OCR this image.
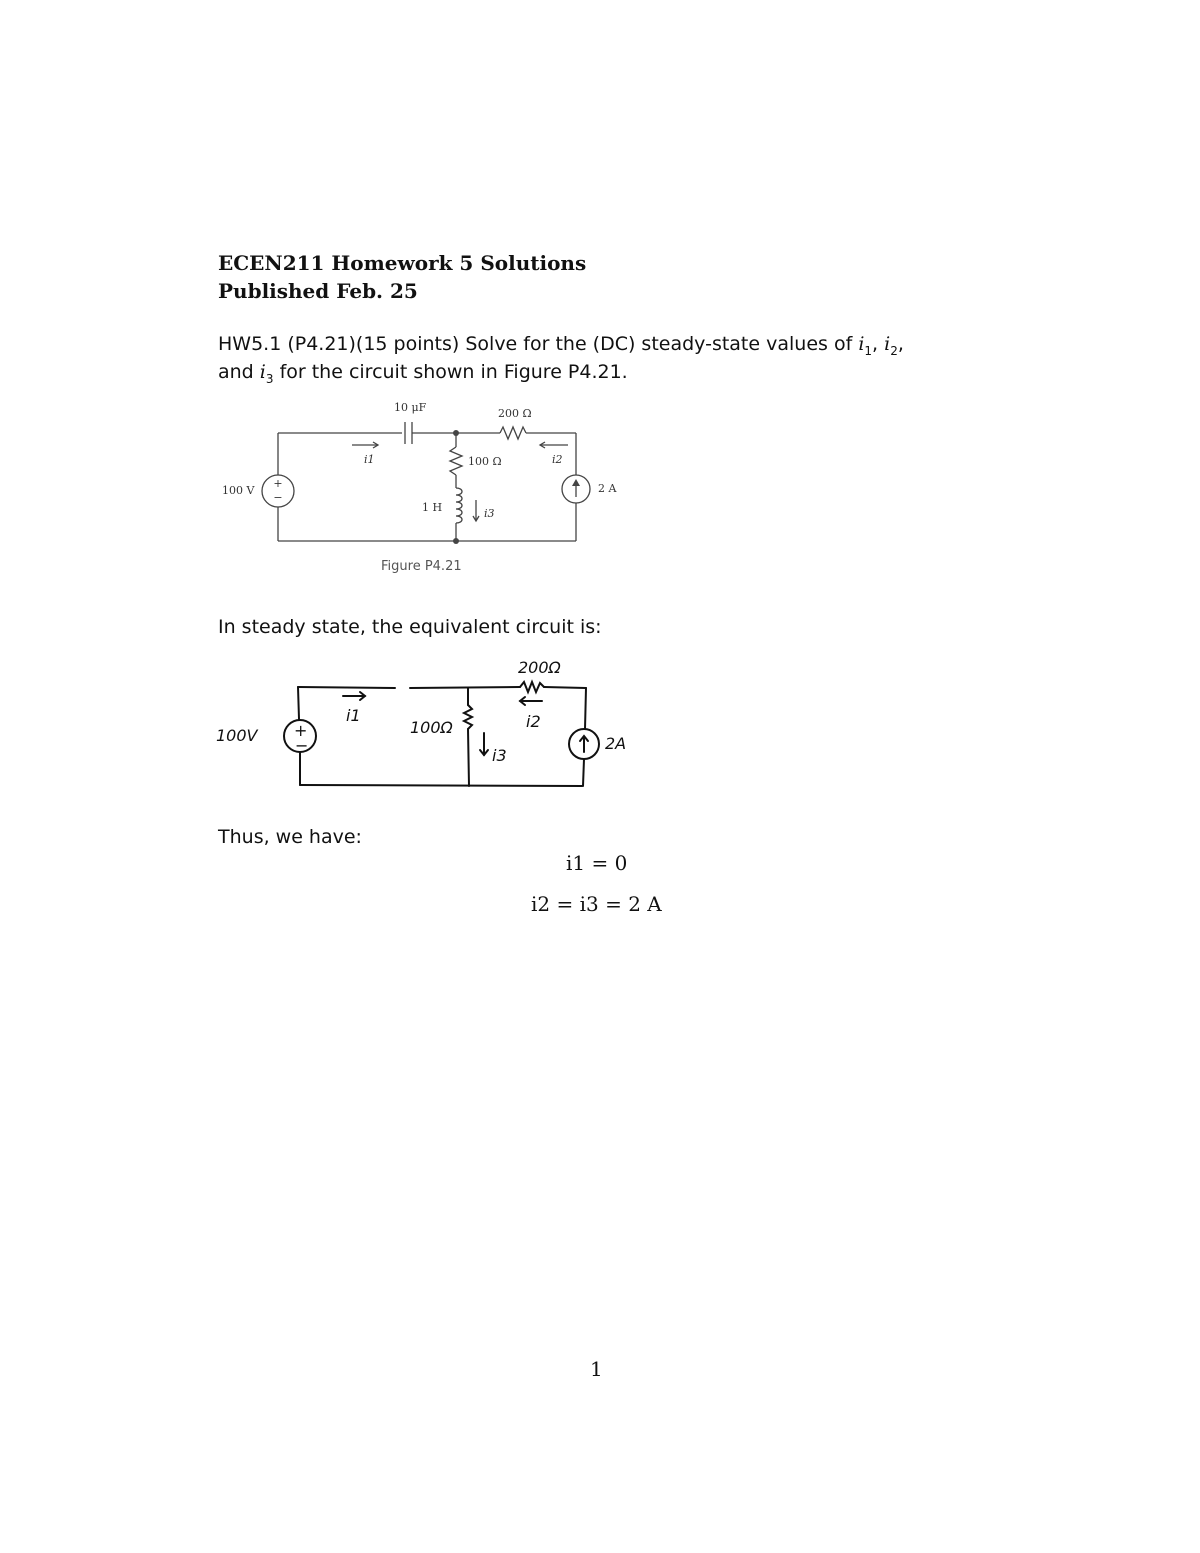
ECEN211 Homework 5 Solutions
Published Feb. 25
HW5.1 (P4.21)(15 points) Solve for the (DC) steady-state values of $i_1$, $i_2$,
and $i_3$ for the circuit shown in Figure P4.21.
+
−
10 μF	200 Ω
100 Ω
1 H
100 V	2 A
i1	i2
i3
Figure P4.21
In steady state, the equivalent circuit is:
+
−
200Ω
100Ω
100V	2A
i1	i2
i3
Thus, we have:
i1 = 0
i2 = i3 = 2 A
1
